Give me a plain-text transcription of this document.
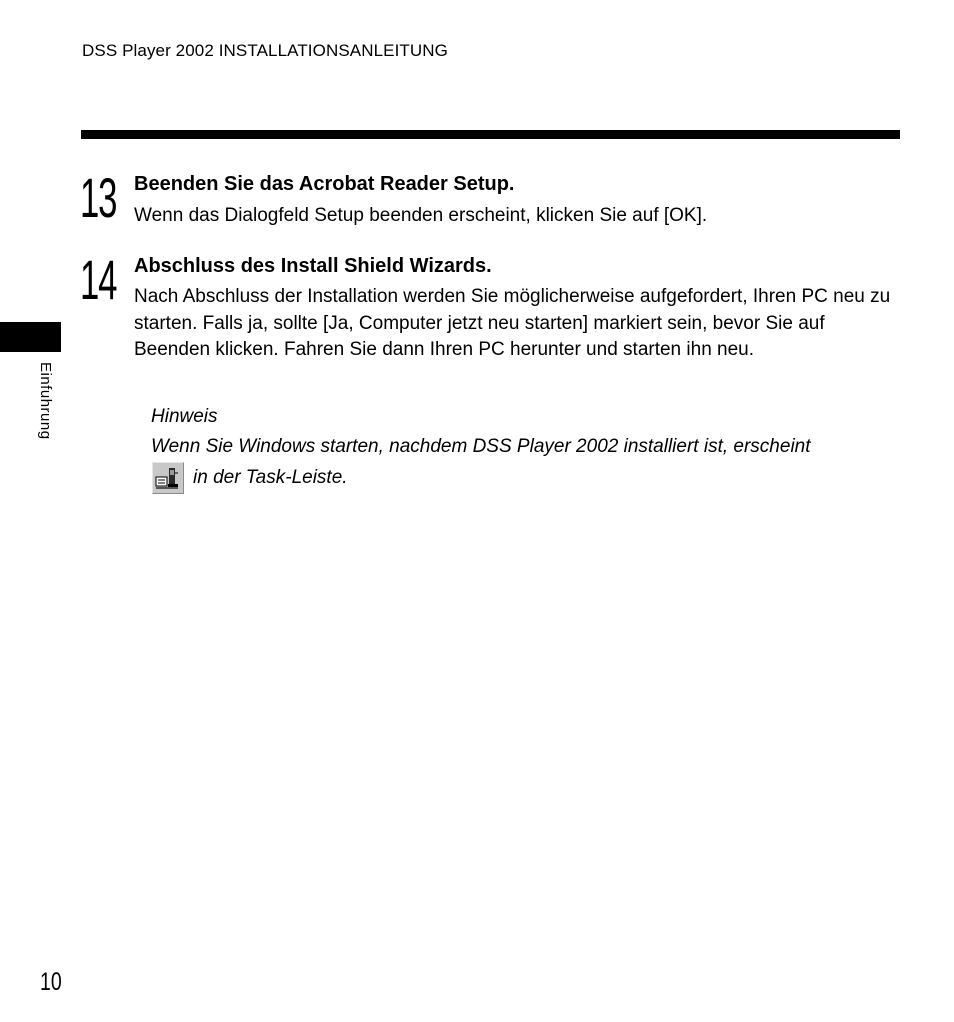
DSS Player 2002 INSTALLATIONSANLEITUNG
Einfuhrung
13 Beenden Sie das Acrobat Reader Setup.
Wenn das Dialogfeld Setup beenden erscheint, klicken Sie auf [OK].
14 Abschluss des Install Shield Wizards.
Nach Abschluss der Installation werden Sie möglicherweise aufgefordert, Ihren PC neu zu starten. Falls ja, sollte [Ja, Computer jetzt neu starten] markiert sein, bevor Sie auf Beenden klicken. Fahren Sie dann Ihren PC herunter und starten ihn neu.
Hinweis
Wenn Sie Windows starten, nachdem DSS Player 2002 installiert ist, erscheint
in der Task-Leiste.
10
